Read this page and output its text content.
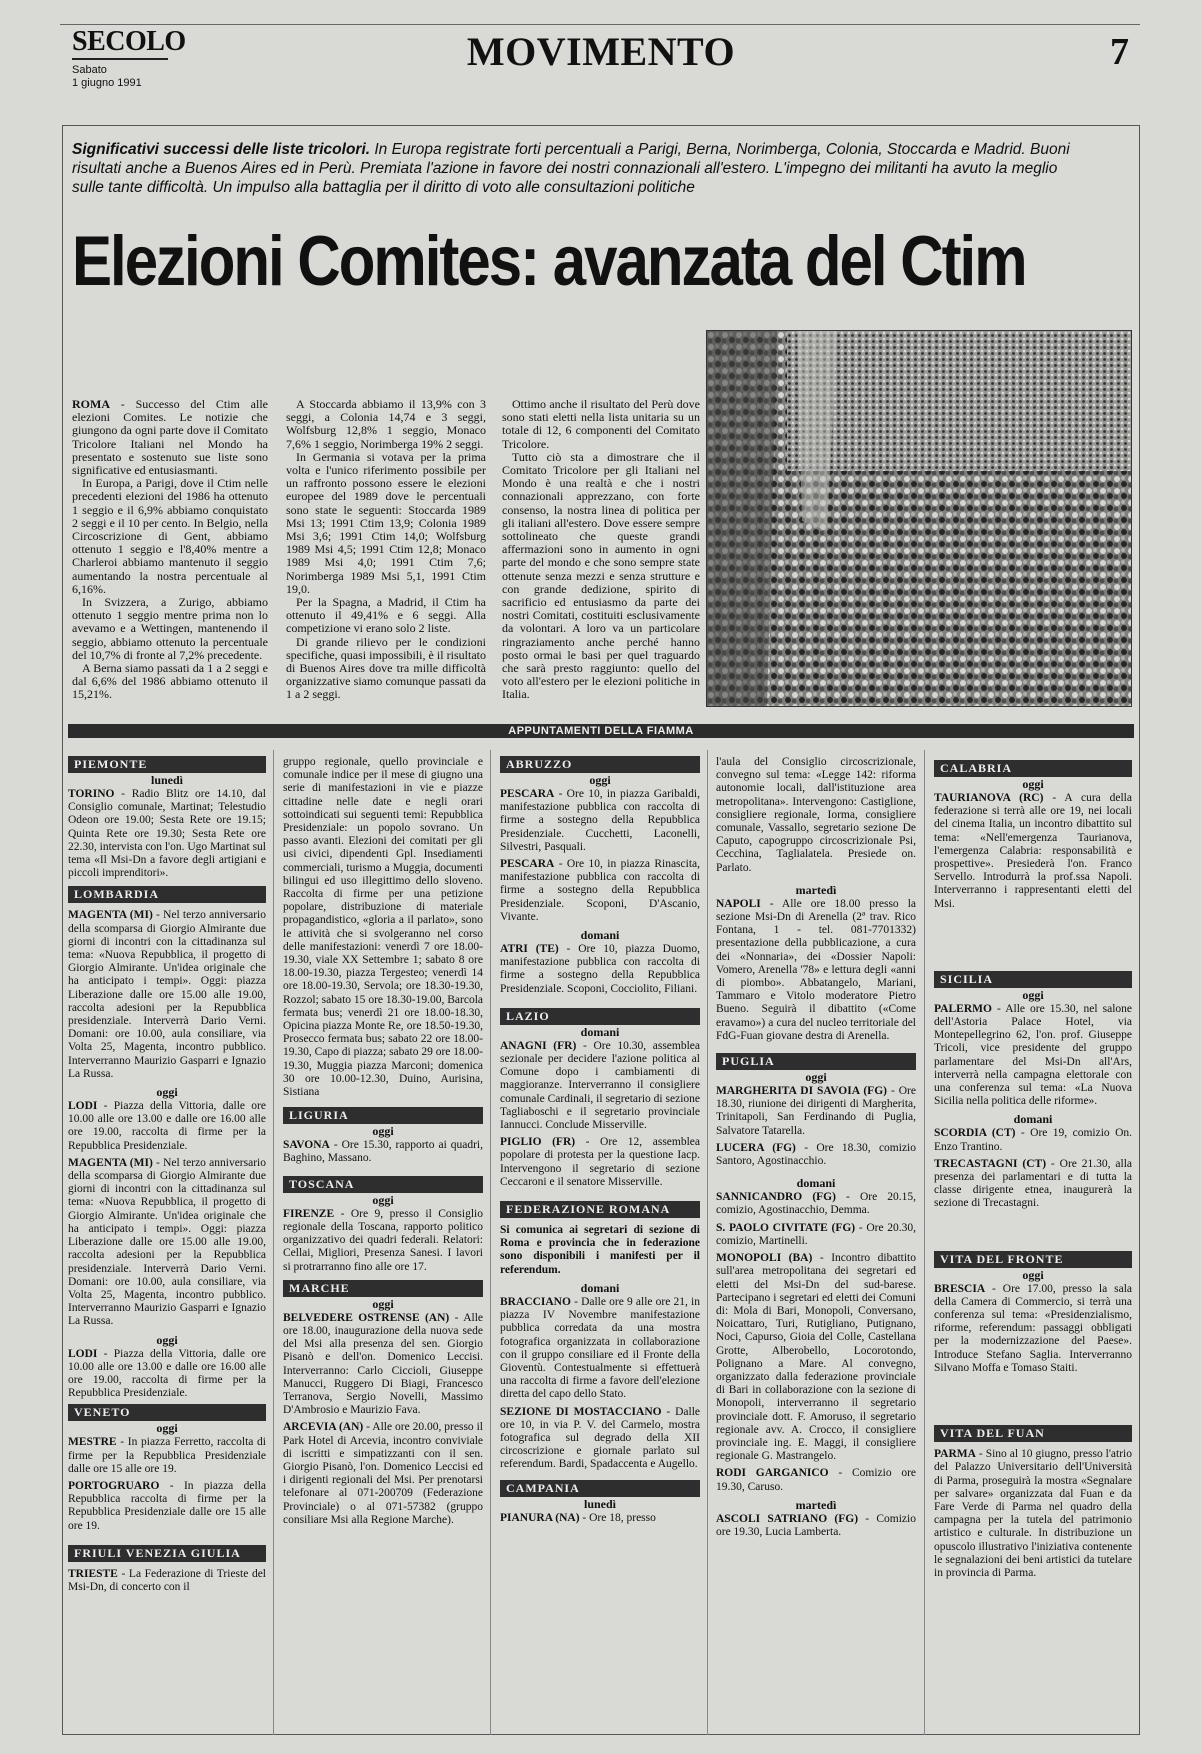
SECOLO
Sabato
1 giugno 1991
MOVIMENTO	7
Significativi successi delle liste tricolori. In Europa registrate forti percentuali a Parigi, Berna, Norimberga, Colonia, Stoccarda e Madrid. Buoni risultati anche a Buenos Aires ed in Perù. Premiata l'azione in favore dei nostri connazionali all'estero. L'impegno dei militanti ha avuto la meglio sulle tante difficoltà. Un impulso alla battaglia per il diritto di voto alle consultazioni politiche
Elezioni Comites: avanzata del Ctim

ROMA - Successo del Ctim alle elezioni Comites. Le notizie che giungono da ogni parte dove il Comitato Tricolore Italiani nel Mondo ha presentato e sostenuto sue liste sono significative ed entusiasmanti.

In Europa, a Parigi, dove il Ctim nelle precedenti elezioni del 1986 ha ottenuto 1 seggio e il 6,9% abbiamo conquistato 2 seggi e il 10 per cento. In Belgio, nella Circoscrizione di Gent, abbiamo ottenuto 1 seggio e l'8,40% mentre a Charleroi abbiamo mantenuto il seggio aumentando la nostra percentuale al 6,16%.

In Svizzera, a Zurigo, abbiamo ottenuto 1 seggio mentre prima non lo avevamo e a Wettingen, mantenendo il seggio, abbiamo ottenuto la percentuale del 10,7% di fronte al 7,2% precedente.

A Berna siamo passati da 1 a 2 seggi e dal 6,6% del 1986 abbiamo ottenuto il 15,21%.

A Stoccarda abbiamo il 13,9% con 3 seggi, a Colonia 14,74 e 3 seggi, Wolfsburg 12,8% 1 seggio, Monaco 7,6% 1 seggio, Norimberga 19% 2 seggi.

In Germania si votava per la prima volta e l'unico riferimento possibile per un raffronto possono essere le elezioni europee del 1989 dove le percentuali sono state le seguenti: Stoccarda 1989 Msi 13; 1991 Ctim 13,9; Colonia 1989 Msi 3,6; 1991 Ctim 14,0; Wolfsburg 1989 Msi 4,5; 1991 Ctim 12,8; Monaco 1989 Msi 4,0; 1991 Ctim 7,6; Norimberga 1989 Msi 5,1, 1991 Ctim 19,0.

Per la Spagna, a Madrid, il Ctim ha ottenuto il 49,41% e 6 seggi. Alla competizione vi erano solo 2 liste.

Di grande rilievo per le condizioni specifiche, quasi impossibili, è il risultato di Buenos Aires dove tra mille difficoltà organizzative siamo comunque passati da 1 a 2 seggi.

Ottimo anche il risultato del Perù dove sono stati eletti nella lista unitaria su un totale di 12, 6 componenti del Comitato Tricolore.

Tutto ciò sta a dimostrare che il Comitato Tricolore per gli Italiani nel Mondo è una realtà e che i nostri connazionali apprezzano, con forte consenso, la nostra linea di politica per gli italiani all'estero. Dove essere sempre sottolineato che queste grandi affermazioni sono in aumento in ogni parte del mondo e che sono sempre state ottenute senza mezzi e senza strutture e con grande dedizione, spirito di sacrificio ed entusiasmo da parte dei nostri Comitati, costituiti esclusivamente da volontari. A loro va un particolare ringraziamento anche perché hanno posto ormai le basi per quel traguardo che sarà presto raggiunto: quello del voto all'estero per le elezioni politiche in Italia.

APPUNTAMENTI DELLA FIAMMA
PIEMONTE
lunedì

TORINO - Radio Blitz ore 14.10, dal Consiglio comunale, Martinat; Telestudio Odeon ore 19.00; Sesta Rete ore 19.15; Quinta Rete ore 19.30; Sesta Rete ore 22.30, intervista con l'on. Ugo Martinat sul tema «Il Msi-Dn a favore degli artigiani e piccoli imprenditori».

LOMBARDIA

MAGENTA (MI) - Nel terzo anniversario della scomparsa di Giorgio Almirante due giorni di incontri con la cittadinanza sul tema: «Nuova Repubblica, il progetto di Giorgio Almirante. Un'idea originale che ha anticipato i tempi». Oggi: piazza Liberazione dalle ore 15.00 alle 19.00, raccolta adesioni per la Repubblica presidenziale. Interverrà Dario Verni. Domani: ore 10.00, aula consiliare, via Volta 25, Magenta, incontro pubblico. Interverranno Maurizio Gasparri e Ignazio La Russa.

oggi

LODI - Piazza della Vittoria, dalle ore 10.00 alle ore 13.00 e dalle ore 16.00 alle ore 19.00, raccolta di firme per la Repubblica Presidenziale.

MAGENTA (MI) - Nel terzo anniversario della scomparsa di Giorgio Almirante due giorni di incontri con la cittadinanza sul tema: «Nuova Repubblica, il progetto di Giorgio Almirante. Un'idea originale che ha anticipato i tempi». Oggi: piazza Liberazione dalle ore 15.00 alle 19.00, raccolta adesioni per la Repubblica presidenziale. Interverrà Dario Verni. Domani: ore 10.00, aula consiliare, via Volta 25, Magenta, incontro pubblico. Interverranno Maurizio Gasparri e Ignazio La Russa.

oggi

LODI - Piazza della Vittoria, dalle ore 10.00 alle ore 13.00 e dalle ore 16.00 alle ore 19.00, raccolta di firme per la Repubblica Presidenziale.

VENETO
oggi

MESTRE - In piazza Ferretto, raccolta di firme per la Repubblica Presidenziale dalle ore 15 alle ore 19.

PORTOGRUARO - In piazza della Repubblica raccolta di firme per la Repubblica Presidenziale dalle ore 15 alle ore 19.

FRIULI VENEZIA GIULIA

TRIESTE - La Federazione di Trieste del Msi-Dn, di concerto con il

gruppo regionale, quello provinciale e comunale indice per il mese di giugno una serie di manifestazioni in vie e piazze cittadine nelle date e negli orari sottoindicati sui seguenti temi: Repubblica Presidenziale: un popolo sovrano. Un passo avanti. Elezioni dei comitati per gli usi civici, dipendenti Gpl. Insediamenti commerciali, turismo a Muggia, documenti bilingui ed uso illegittimo dello sloveno. Raccolta di firme per una petizione popolare, distribuzione di materiale propagandistico, «gloria a il parlato», sono le attività che si svolgeranno nel corso delle manifestazioni: venerdì 7 ore 18.00-19.30, viale XX Settembre 1; sabato 8 ore 18.00-19.30, piazza Tergesteo; venerdì 14 ore 18.00-19.30, Servola; ore 18.30-19.30, Rozzol; sabato 15 ore 18.30-19.00, Barcola fermata bus; venerdì 21 ore 18.00-18.30, Opicina piazza Monte Re, ore 18.50-19.30, Prosecco fermata bus; sabato 22 ore 18.00-19.30, Capo di piazza; sabato 29 ore 18.00-19.30, Muggia piazza Marconi; domenica 30 ore 10.00-12.30, Duino, Aurisina, Sistiana

LIGURIA
oggi

SAVONA - Ore 15.30, rapporto ai quadri, Baghino, Massano.

TOSCANA
oggi

FIRENZE - Ore 9, presso il Consiglio regionale della Toscana, rapporto politico organizzativo dei quadri federali. Relatori: Cellai, Migliori, Presenza Sanesi. I lavori si protrarranno fino alle ore 17.

MARCHE
oggi

BELVEDERE OSTRENSE (AN) - Alle ore 18.00, inaugurazione della nuova sede del Msi alla presenza del sen. Giorgio Pisanò e dell'on. Domenico Leccisi. Interverranno: Carlo Ciccioli, Giuseppe Manucci, Ruggero Di Biagi, Francesco Terranova, Sergio Novelli, Massimo D'Ambrosio e Maurizio Fava.

ARCEVIA (AN) - Alle ore 20.00, presso il Park Hotel di Arcevia, incontro conviviale di iscritti e simpatizzanti con il sen. Giorgio Pisanò, l'on. Domenico Leccisi ed i dirigenti regionali del Msi. Per prenotarsi telefonare al 071-200709 (Federazione Provinciale) o al 071-57382 (gruppo consiliare Msi alla Regione Marche).

ABRUZZO
oggi

PESCARA - Ore 10, in piazza Garibaldi, manifestazione pubblica con raccolta di firme a sostegno della Repubblica Presidenziale. Cucchetti, Laconelli, Silvestri, Pasquali.

PESCARA - Ore 10, in piazza Rinascita, manifestazione pubblica con raccolta di firme a sostegno della Repubblica Presidenziale. Scoponi, D'Ascanio, Vivante.

domani

ATRI (TE) - Ore 10, piazza Duomo, manifestazione pubblica con raccolta di firme a sostegno della Repubblica Presidenziale. Scoponi, Cocciolito, Filiani.

LAZIO
domani

ANAGNI (FR) - Ore 10.30, assemblea sezionale per decidere l'azione politica al Comune dopo i cambiamenti di maggioranze. Interverranno il consigliere comunale Cardinali, il segretario di sezione Tagliaboschi e il segretario provinciale Iannucci. Conclude Misserville.

PIGLIO (FR) - Ore 12, assemblea popolare di protesta per la questione Iacp. Intervengono il segretario di sezione Ceccaroni e il senatore Misserville.

FEDERAZIONE ROMANA

Si comunica ai segretari di sezione di Roma e provincia che in federazione sono disponibili i manifesti per il referendum.

domani

BRACCIANO - Dalle ore 9 alle ore 21, in piazza IV Novembre manifestazione pubblica corredata da una mostra fotografica organizzata in collaborazione con il gruppo consiliare ed il Fronte della Gioventù. Contestualmente si effettuerà una raccolta di firme a favore dell'elezione diretta del capo dello Stato.

SEZIONE DI MOSTACCIANO - Dalle ore 10, in via P. V. del Carmelo, mostra fotografica sul degrado della XII circoscrizione e giornale parlato sul referendum. Bardi, Spadaccenta e Augello.

CAMPANIA
lunedì

PIANURA (NA) - Ore 18, presso

l'aula del Consiglio circoscrizionale, convegno sul tema: «Legge 142: riforma autonomie locali, dall'istituzione area metropolitana». Intervengono: Castiglione, consigliere regionale, Iorma, consigliere comunale, Vassallo, segretario sezione De Caputo, capogruppo circoscrizionale Psi, Cecchina, Taglialatela. Presiede on. Parlato.

martedì

NAPOLI - Alle ore 18.00 presso la sezione Msi-Dn di Arenella (2ª trav. Rico Fontana, 1 - tel. 081-7701332) presentazione della pubblicazione, a cura dei «Nonnaria», dei «Dossier Napoli: Vomero, Arenella '78» e lettura degli «anni di piombo». Abbatangelo, Mariani, Tammaro e Vitolo moderatore Pietro Bueno. Seguirà il dibattito («Come eravamo») a cura del nucleo territoriale del FdG-Fuan giovane destra di Arenella.

PUGLIA
oggi

MARGHERITA DI SAVOIA (FG) - Ore 18.30, riunione dei dirigenti di Margherita, Trinitapoli, San Ferdinando di Puglia, Salvatore Tatarella.

LUCERA (FG) - Ore 18.30, comizio Santoro, Agostinacchio.

domani

SANNICANDRO (FG) - Ore 20.15, comizio, Agostinacchio, Demma.

S. PAOLO CIVITATE (FG) - Ore 20.30, comizio, Martinelli.

MONOPOLI (BA) - Incontro dibattito sull'area metropolitana dei segretari ed eletti del Msi-Dn del sud-barese. Partecipano i segretari ed eletti dei Comuni di: Mola di Bari, Monopoli, Conversano, Noicattaro, Turi, Rutigliano, Putignano, Noci, Capurso, Gioia del Colle, Castellana Grotte, Alberobello, Locorotondo, Polignano a Mare. Al convegno, organizzato dalla federazione provinciale di Bari in collaborazione con la sezione di Monopoli, interverranno il segretario provinciale dott. F. Amoruso, il segretario regionale avv. A. Crocco, il consigliere provinciale ing. E. Maggi, il consigliere regionale G. Mastrangelo.

RODI GARGANICO - Comizio ore 19.30, Caruso.

martedì

ASCOLI SATRIANO (FG) - Comizio ore 19.30, Lucia Lamberta.

CALABRIA
oggi

TAURIANOVA (RC) - A cura della federazione si terrà alle ore 19, nei locali del cinema Italia, un incontro dibattito sul tema: «Nell'emergenza Taurianova, l'emergenza Calabria: responsabilità e prospettive». Presiederà l'on. Franco Servello. Introdurrà la prof.ssa Napoli. Interverranno i rappresentanti eletti del Msi.

SICILIA
oggi

PALERMO - Alle ore 15.30, nel salone dell'Astoria Palace Hotel, via Montepellegrino 62, l'on. prof. Giuseppe Tricoli, vice presidente del gruppo parlamentare del Msi-Dn all'Ars, interverrà nella campagna elettorale con una conferenza sul tema: «La Nuova Sicilia nella politica delle riforme».

domani

SCORDIA (CT) - Ore 19, comizio On. Enzo Trantino.

TRECASTAGNI (CT) - Ore 21.30, alla presenza dei parlamentari e di tutta la classe dirigente etnea, inaugurerà la sezione di Trecastagni.

VITA DEL FRONTE
oggi

BRESCIA - Ore 17.00, presso la sala della Camera di Commercio, si terrà una conferenza sul tema: «Presidenzialismo, riforme, referendum: passaggi obbligati per la modernizzazione del Paese». Introduce Stefano Saglia. Interverranno Silvano Moffa e Tomaso Staiti.

VITA DEL FUAN

PARMA - Sino al 10 giugno, presso l'atrio del Palazzo Universitario dell'Università di Parma, proseguirà la mostra «Segnalare per salvare» organizzata dal Fuan e da Fare Verde di Parma nel quadro della campagna per la tutela del patrimonio artistico e culturale. In distribuzione un opuscolo illustrativo l'iniziativa contenente le segnalazioni dei beni artistici da tutelare in provincia di Parma.
